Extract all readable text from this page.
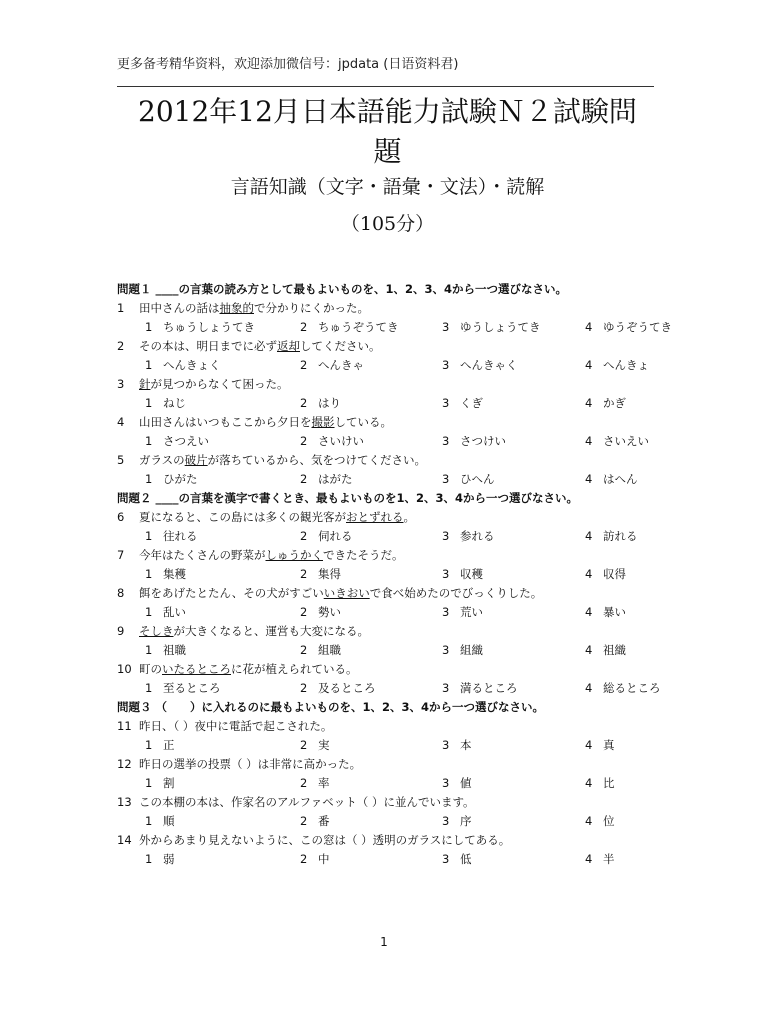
更多备考精华资料，欢迎添加微信号：jpdata (日语资料君)
2012年12月日本語能力試験Ｎ２試験問
題
言語知識（文字・語彙・文法）・読解
（105分）
問題１ ____の言葉の読み方として最もよいものを、1、2、3、4から一つ選びなさい。
1 田中さんの話は抽象的で分かりにくかった。
1 ちゅうしょうてき	2 ちゅうぞうてき	3 ゆうしょうてき	4 ゆうぞうてき
2 その本は、明日までに必ず返却してください。
1 へんきょく	2 へんきゃ	3 へんきゃく	4 へんきょ
3 針が見つからなくて困った。
1 ねじ	2 はり	3 くぎ	4 かぎ
4 山田さんはいつもここから夕日を撮影している。
1 さつえい	2 さいけい	3 さつけい	4 さいえい
5 ガラスの破片が落ちているから、気をつけてください。
1 ひがた	2 はがた	3 ひへん	4 はへん
問題２ ____の言葉を漢字で書くとき、最もよいものを1、2、3、4から一つ選びなさい。
6 夏になると、この島には多くの観光客がおとずれる。
1 往れる	2 伺れる	3 参れる	4 訪れる
7 今年はたくさんの野菜がしゅうかくできたそうだ。
1 集穫	2 集得	3 収穫	4 収得
8 餌をあげたとたん、その犬がすごいいきおいで食べ始めたのでびっくりした。
1 乱い	2 勢い	3 荒い	4 暴い
9 そしきが大きくなると、運営も大変になる。
1 祖職	2 組職	3 組織	4 祖織
10 町のいたるところに花が植えられている。
1 至るところ	2 及るところ	3 満るところ	4 総るところ
問題３ （　　）に入れるのに最もよいものを、1、2、3、4から一つ選びなさい。
11 昨日、（ ）夜中に電話で起こされた。
1 正	2 実	3 本	4 真
12 昨日の選挙の投票（ ）は非常に高かった。
1 割	2 率	3 値	4 比
13 この本棚の本は、作家名のアルファベット（ ）に並んでいます。
1 順	2 番	3 序	4 位
14 外からあまり見えないように、この窓は（ ）透明のガラスにしてある。
1 弱	2 中	3 低	4 半
1
